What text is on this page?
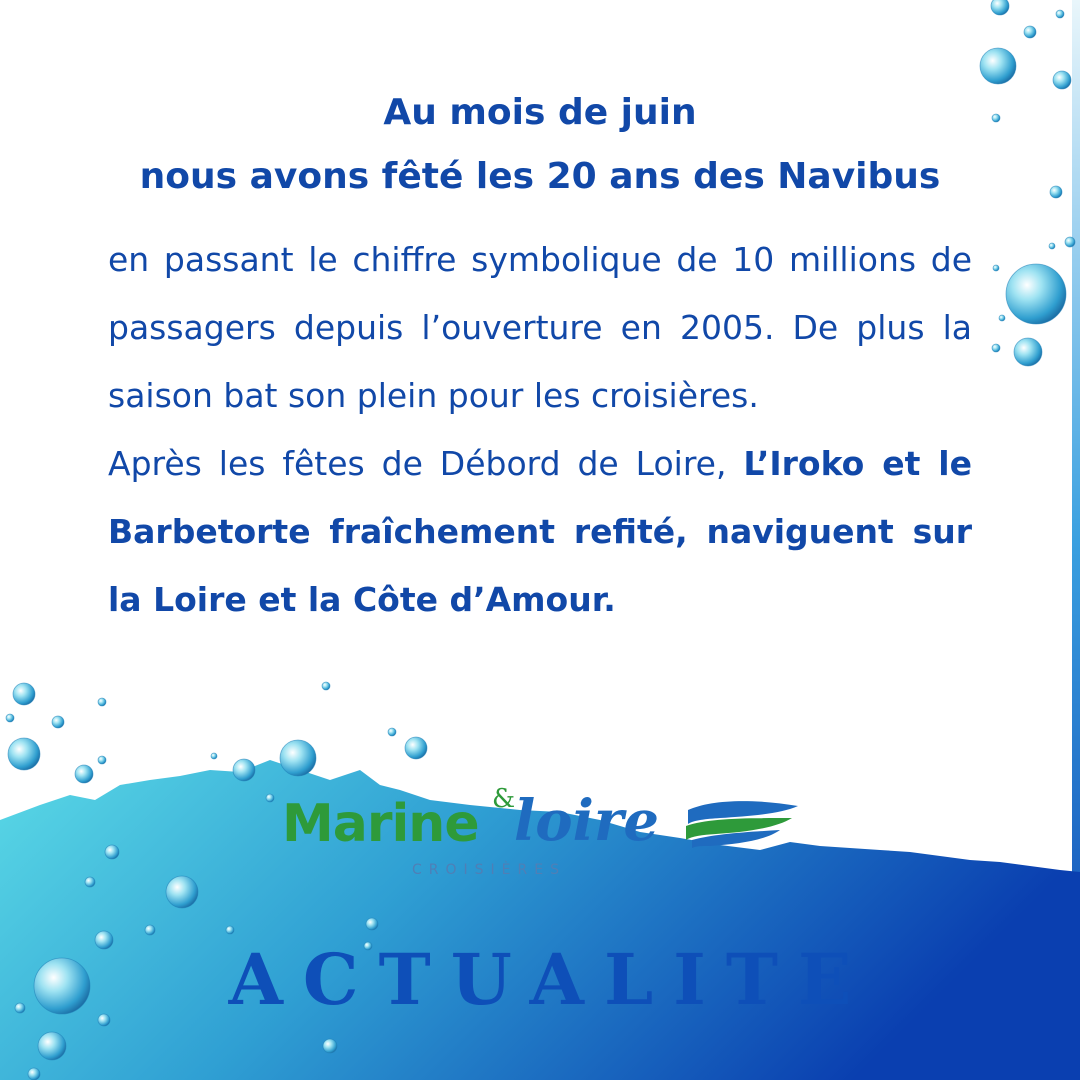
Au mois de juin
nous avons fêté les 20 ans des Navibus

en passant le chiffre symbolique de 10 millions de passagers depuis l’ouverture en 2005. De plus la saison bat son plein pour les croisières.

Après les fêtes de Débord de Loire, L’Iroko et le Barbetorte fraîchement refité, naviguent sur la Loire et la Côte d’Amour.

Marine &
loire
CROISIÈRES
ACTUALITE
